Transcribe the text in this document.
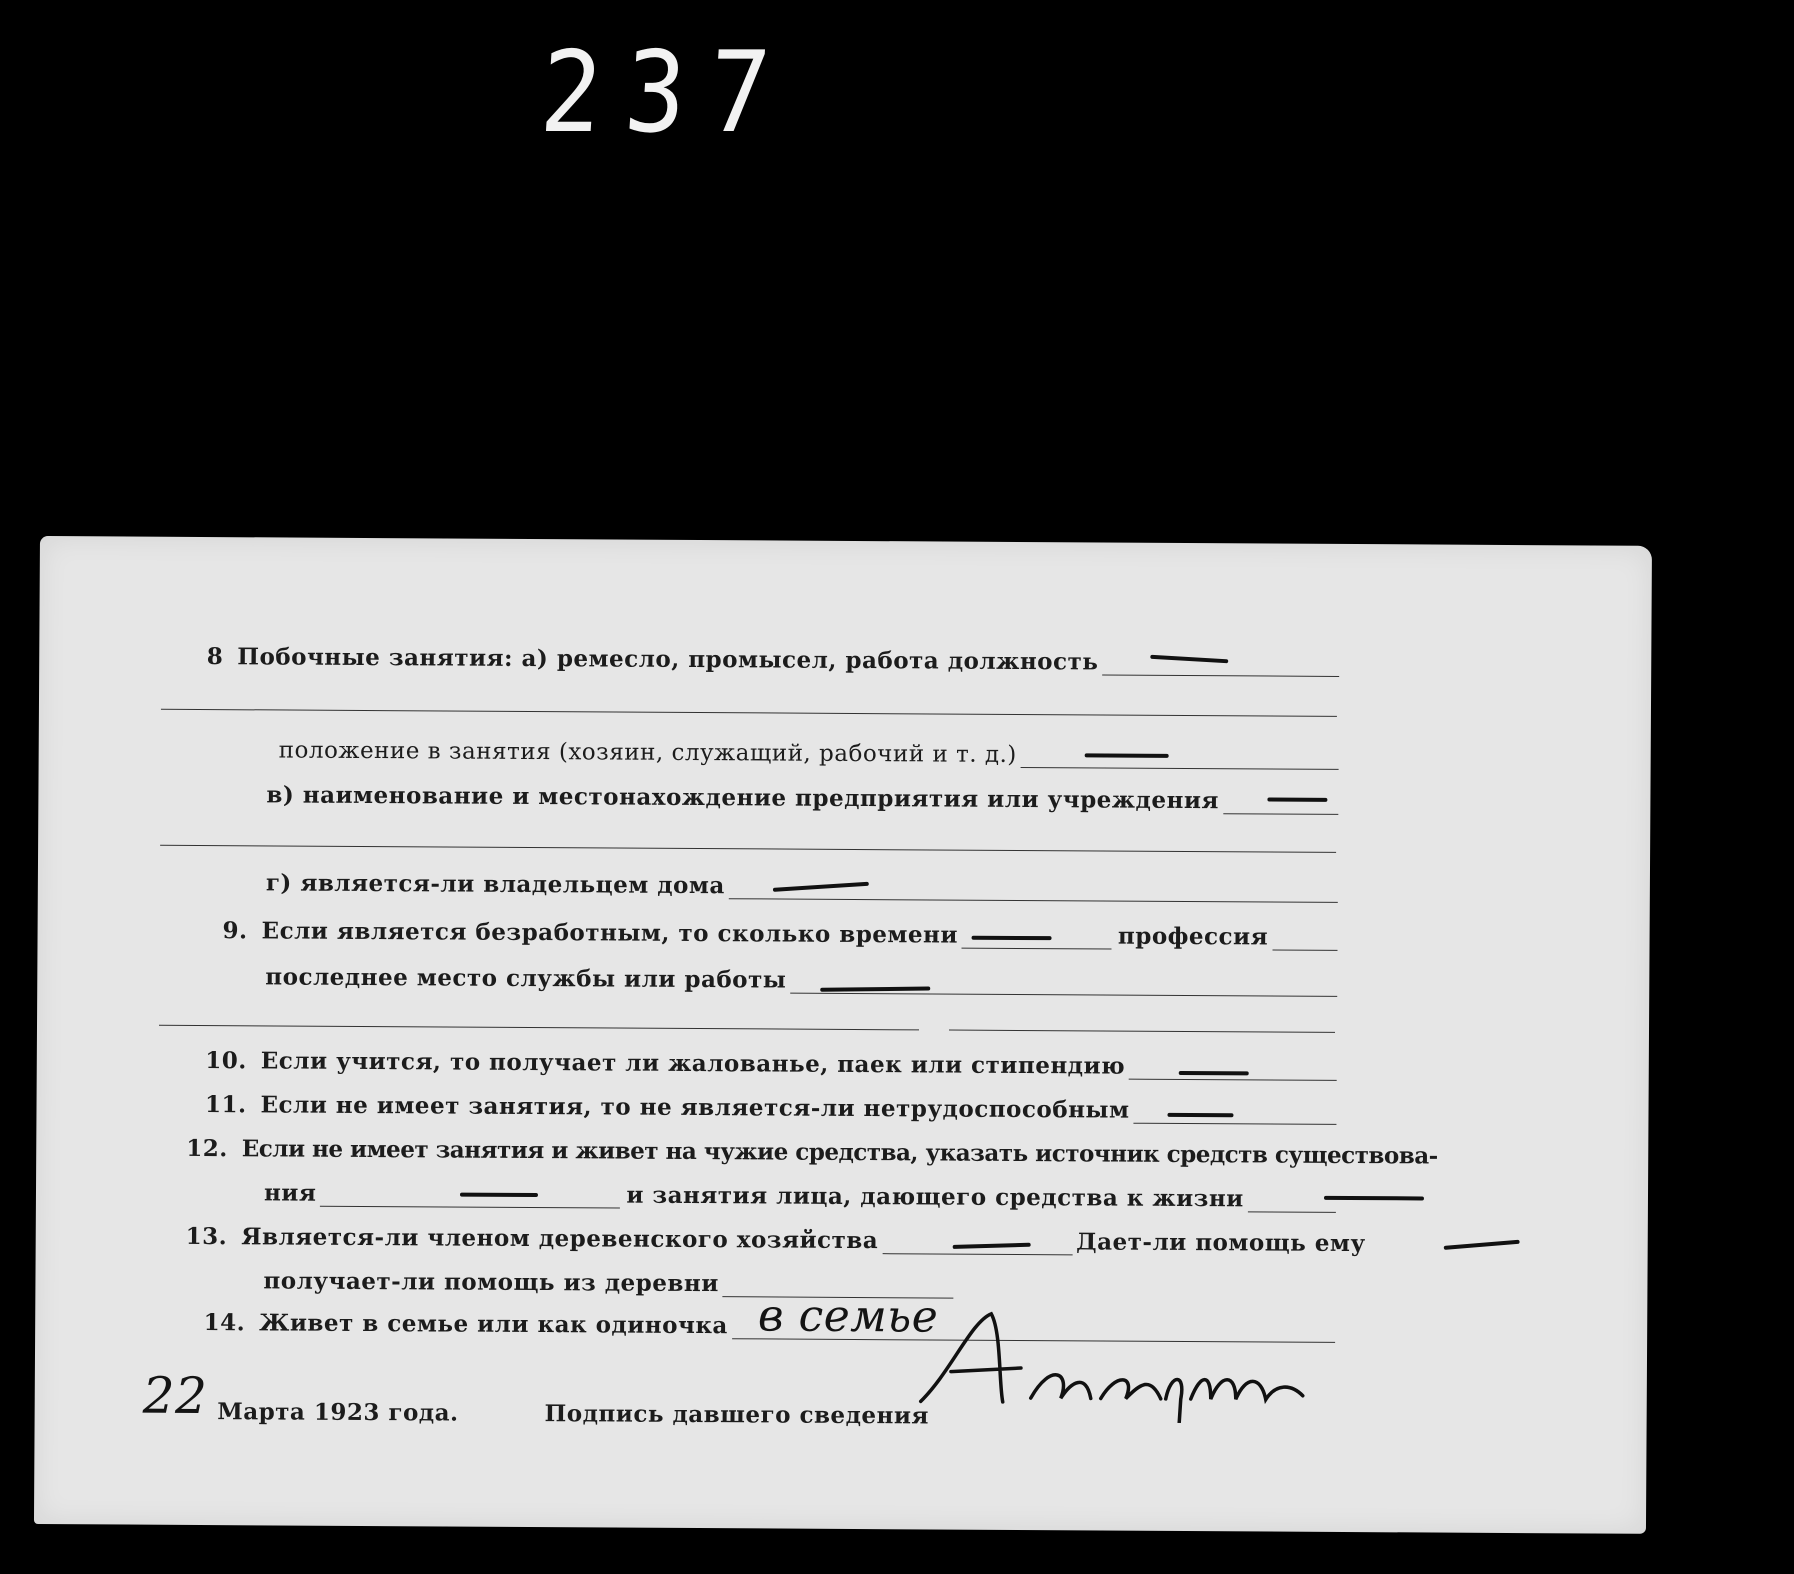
237
8 Побочные занятия: а) ремесло, промысел, работа должность
положение в занятия (хозяин, служащий, рабочий и т. д.)
в) наименование и местонахождение предприятия или учреждения
г) является-ли владельцем дома
9. Если является безработным, то сколько времени	профессия
последнее место службы или работы
10. Если учится, то получает ли жалованье, паек или стипендию
11. Если не имеет занятия, то не является-ли нетрудоспособным
12. Если не имеет занятия и живет на чужие средства, указать источник средств существова-
ния	и занятия лица, дающего средства к жизни
13. Является-ли членом деревенского хозяйства	Дает-ли помощь ему
получает-ли помощь из деревни
14. Живет в семье или как одиночка в семье
22 Марта 1923 года.	Подпись давшего сведения
